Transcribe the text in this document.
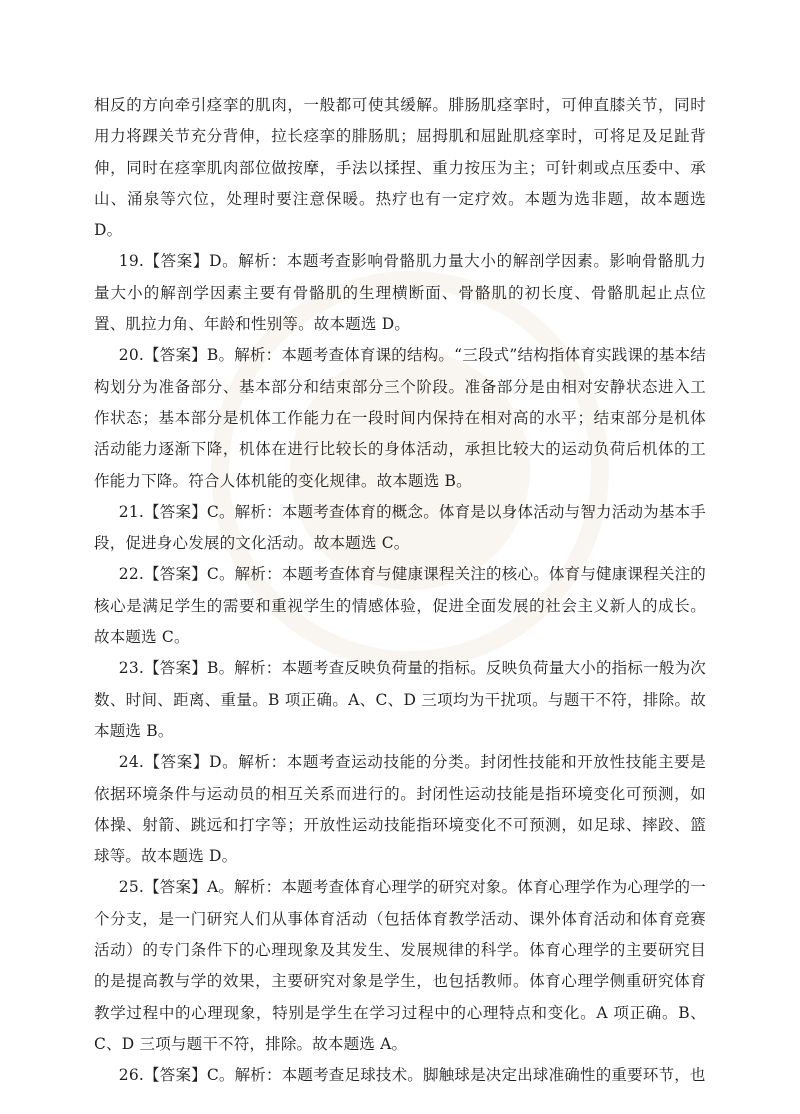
相反的方向牵引痉挛的肌肉，一般都可使其缓解。腓肠肌痉挛时，可伸直膝关节，同时用力将踝关节充分背伸，拉长痉挛的腓肠肌；屈拇肌和屈趾肌痉挛时，可将足及足趾背伸，同时在痉挛肌肉部位做按摩，手法以揉捏、重力按压为主；可针刺或点压委中、承山、涌泉等穴位，处理时要注意保暖。热疗也有一定疗效。本题为选非题，故本题选 D。

19.【答案】D。解析：本题考查影响骨骼肌力量大小的解剖学因素。影响骨骼肌力量大小的解剖学因素主要有骨骼肌的生理横断面、骨骼肌的初长度、骨骼肌起止点位置、肌拉力角、年龄和性别等。故本题选 D。

20.【答案】B。解析：本题考查体育课的结构。“三段式”结构指体育实践课的基本结构划分为准备部分、基本部分和结束部分三个阶段。准备部分是由相对安静状态进入工作状态；基本部分是机体工作能力在一段时间内保持在相对高的水平；结束部分是机体活动能力逐渐下降，机体在进行比较长的身体活动，承担比较大的运动负荷后机体的工作能力下降。符合人体机能的变化规律。故本题选 B。

21.【答案】C。解析：本题考查体育的概念。体育是以身体活动与智力活动为基本手段，促进身心发展的文化活动。故本题选 C。

22.【答案】C。解析：本题考查体育与健康课程关注的核心。体育与健康课程关注的核心是满足学生的需要和重视学生的情感体验，促进全面发展的社会主义新人的成长。故本题选 C。

23.【答案】B。解析：本题考查反映负荷量的指标。反映负荷量大小的指标一般为次数、时间、距离、重量。B 项正确。A、C、D 三项均为干扰项。与题干不符，排除。故本题选 B。

24.【答案】D。解析：本题考查运动技能的分类。封闭性技能和开放性技能主要是依据环境条件与运动员的相互关系而进行的。封闭性运动技能是指环境变化可预测，如体操、射箭、跳远和打字等；开放性运动技能指环境变化不可预测，如足球、摔跤、篮球等。故本题选 D。

25.【答案】A。解析：本题考查体育心理学的研究对象。体育心理学作为心理学的一个分支，是一门研究人们从事体育活动（包括体育教学活动、课外体育活动和体育竞赛活动）的专门条件下的心理现象及其发生、发展规律的科学。体育心理学的主要研究目的是提高教与学的效果，主要研究对象是学生，也包括教师。体育心理学侧重研究体育教学过程中的心理现象，特别是学生在学习过程中的心理特点和变化。A 项正确。B、C、D 三项与题干不符，排除。故本题选 A。

26.【答案】C。解析：本题考查足球技术。脚触球是决定出球准确性的重要环节，也
